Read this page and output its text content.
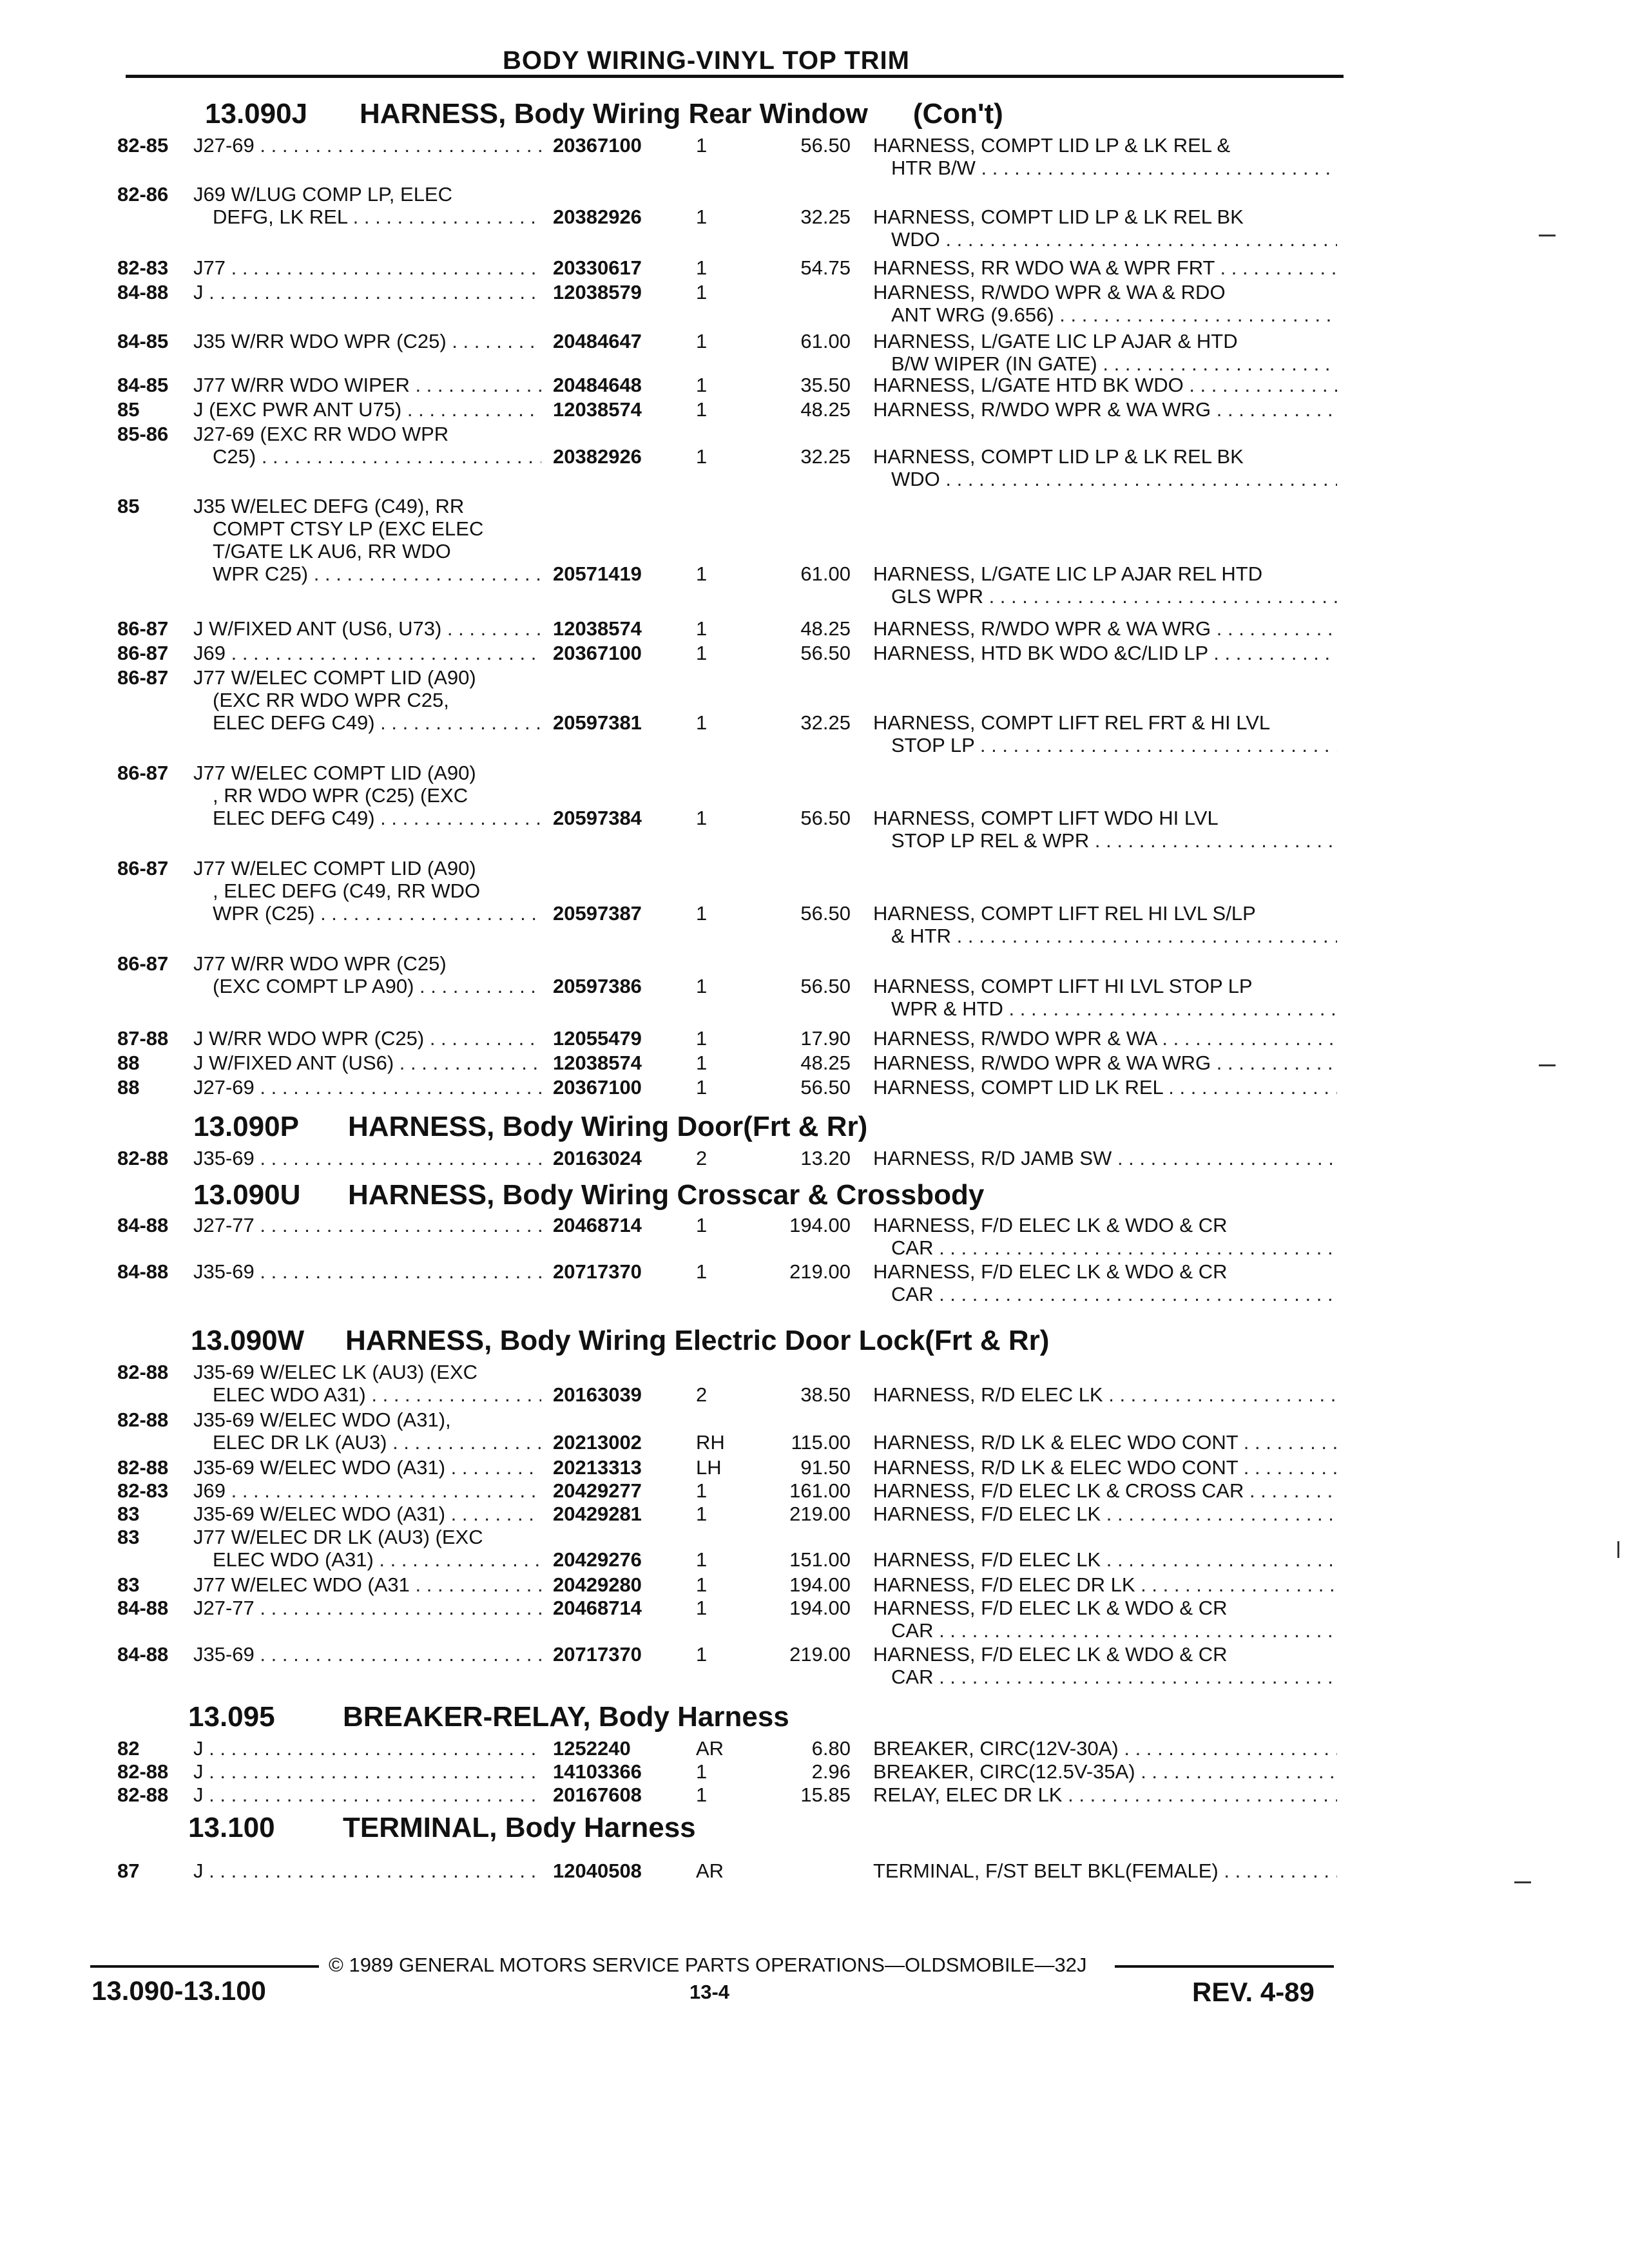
BODY WIRING-VINYL TOP TRIM
13.090J HARNESS, Body Wiring Rear Window (Con't)
82-85 J27-69 . . .	20367100	1	56.50 HARNESS, COMPT LID LP & LK REL &
HTR B/W . . .
82-86 J69 W/LUG COMP LP, ELEC
DEFG, LK REL . . .	20382926	1	32.25 HARNESS, COMPT LID LP & LK REL BK
WDO . . .
82-83 J77 . . .	20330617	1	54.75 HARNESS, RR WDO WA & WPR FRT . . .
84-88 J . . .	12038579	1	HARNESS, R/WDO WPR & WA & RDO
ANT WRG (9.656) . . .
84-85 J35 W/RR WDO WPR (C25) . . .	20484647	1	61.00 HARNESS, L/GATE LIC LP AJAR & HTD
B/W WIPER (IN GATE) . . .
84-85 J77 W/RR WDO WIPER . . .	20484648	1	35.50 HARNESS, L/GATE HTD BK WDO . . .
85	J (EXC PWR ANT U75) . . .	12038574	1	48.25 HARNESS, R/WDO WPR & WA WRG . . .
85-86 J27-69 (EXC RR WDO WPR
C25) . . .	20382926	1	32.25 HARNESS, COMPT LID LP & LK REL BK
WDO . . .
85	J35 W/ELEC DEFG (C49), RR
COMPT CTSY LP (EXC ELEC
T/GATE LK AU6, RR WDO
WPR C25) . . .	20571419	1	61.00 HARNESS, L/GATE LIC LP AJAR REL HTD
GLS WPR . . .
86-87 J W/FIXED ANT (US6, U73) . . .	12038574	1	48.25 HARNESS, R/WDO WPR & WA WRG . . .
86-87 J69 . . .	20367100	1	56.50 HARNESS, HTD BK WDO &C/LID LP . . .
86-87 J77 W/ELEC COMPT LID (A90)
(EXC RR WDO WPR C25,
ELEC DEFG C49) . . .	20597381	1	32.25 HARNESS, COMPT LIFT REL FRT & HI LVL
STOP LP . . .
86-87 J77 W/ELEC COMPT LID (A90)
, RR WDO WPR (C25) (EXC
ELEC DEFG C49) . . .	20597384	1	56.50 HARNESS, COMPT LIFT WDO HI LVL
STOP LP REL & WPR . . .
86-87 J77 W/ELEC COMPT LID (A90)
, ELEC DEFG (C49, RR WDO
WPR (C25) . . .	20597387	1	56.50 HARNESS, COMPT LIFT REL HI LVL S/LP
& HTR . . .
86-87 J77 W/RR WDO WPR (C25)
(EXC COMPT LP A90) . . .	20597386	1	56.50 HARNESS, COMPT LIFT HI LVL STOP LP
WPR & HTD . . .
87-88 J W/RR WDO WPR (C25) . . .	12055479	1	17.90 HARNESS, R/WDO WPR & WA . . .
88	J W/FIXED ANT (US6) . . .	12038574	1	48.25 HARNESS, R/WDO WPR & WA WRG . . .
88	J27-69 . . .	20367100	1	56.50 HARNESS, COMPT LID LK REL . . .
13.090P HARNESS, Body Wiring Door(Frt & Rr)
82-88 J35-69 . . .	20163024	2	13.20 HARNESS, R/D JAMB SW . . .
13.090U HARNESS, Body Wiring Crosscar & Crossbody
84-88 J27-77 . . .	20468714	1	194.00 HARNESS, F/D ELEC LK & WDO & CR
CAR . . .
84-88 J35-69 . . .	20717370	1	219.00 HARNESS, F/D ELEC LK & WDO & CR
CAR . . .
13.090W HARNESS, Body Wiring Electric Door Lock(Frt & Rr)
82-88 J35-69 W/ELEC LK (AU3) (EXC
ELEC WDO A31) . . .	20163039	2	38.50 HARNESS, R/D ELEC LK . . .
82-88 J35-69 W/ELEC WDO (A31),
ELEC DR LK (AU3) . . .	20213002	RH	115.00 HARNESS, R/D LK & ELEC WDO CONT . . .
82-88 J35-69 W/ELEC WDO (A31) . . .	20213313	LH	91.50 HARNESS, R/D LK & ELEC WDO CONT . . .
82-83 J69 . . .	20429277	1	161.00 HARNESS, F/D ELEC LK & CROSS CAR . . .
83	J35-69 W/ELEC WDO (A31) . . .	20429281	1	219.00 HARNESS, F/D ELEC LK . . .
83	J77 W/ELEC DR LK (AU3) (EXC
ELEC WDO (A31) . . .	20429276	1	151.00 HARNESS, F/D ELEC LK . . .
83	J77 W/ELEC WDO (A31 . . .	20429280	1	194.00 HARNESS, F/D ELEC DR LK . . .
84-88 J27-77 . . .	20468714	1	194.00 HARNESS, F/D ELEC LK & WDO & CR
CAR . . .
84-88 J35-69 . . .	20717370	1	219.00 HARNESS, F/D ELEC LK & WDO & CR
CAR . . .
13.095 BREAKER-RELAY, Body Harness
82	J . . .	1252240	AR	6.80 BREAKER, CIRC(12V-30A) . . .
82-88 J . . .	14103366	1	2.96 BREAKER, CIRC(12.5V-35A) . . .
82-88 J . . .	20167608	1	15.85 RELAY, ELEC DR LK . . .
13.100 TERMINAL, Body Harness
87	J . . .	12040508	AR	TERMINAL, F/ST BELT BKL(FEMALE) . . .
© 1989 GENERAL MOTORS SERVICE PARTS OPERATIONS—OLDSMOBILE—32J
13.090-13.100	13-4	REV. 4-89
